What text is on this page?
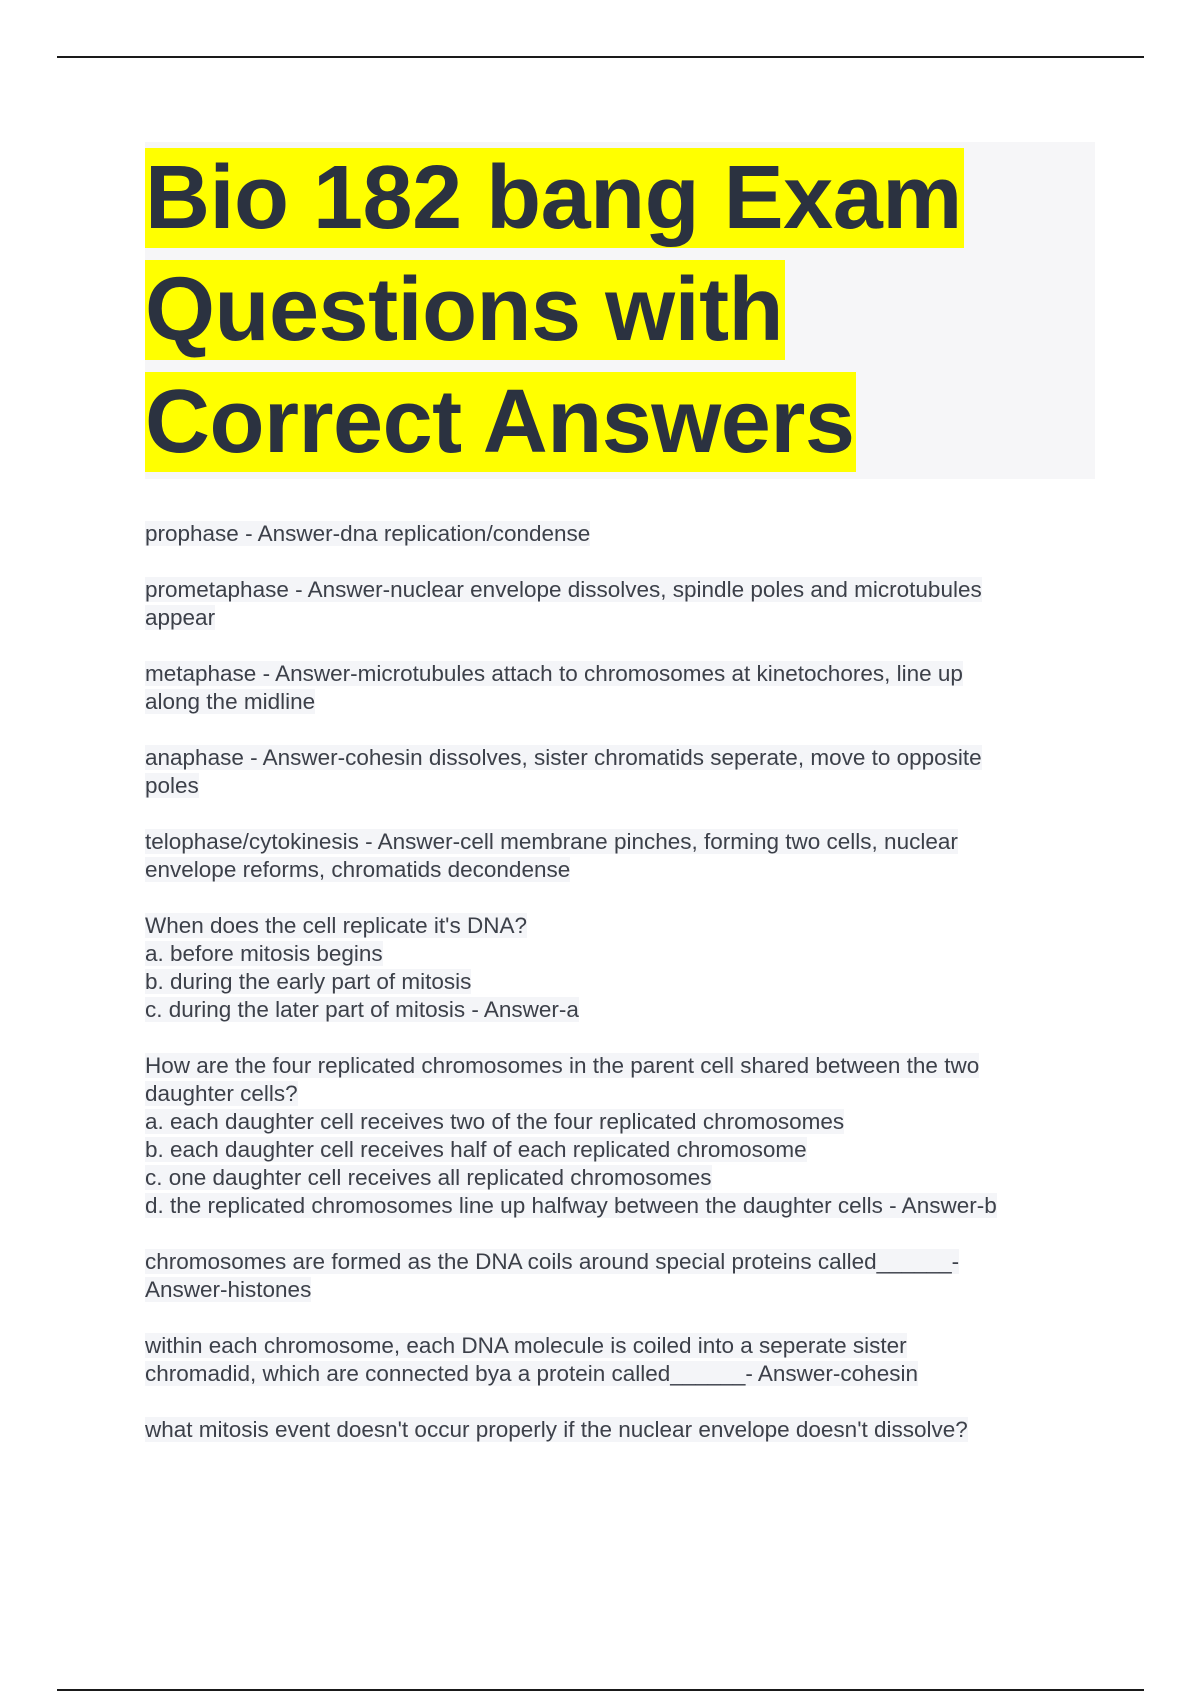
Bio 182 bang Exam
Questions with
Correct Answers
prophase - Answer-dna replication/condense
prometaphase - Answer-nuclear envelope dissolves, spindle poles and microtubules
appear
metaphase - Answer-microtubules attach to chromosomes at kinetochores, line up
along the midline
anaphase - Answer-cohesin dissolves, sister chromatids seperate, move to opposite
poles
telophase/cytokinesis - Answer-cell membrane pinches, forming two cells, nuclear
envelope reforms, chromatids decondense
When does the cell replicate it's DNA?
a. before mitosis begins
b. during the early part of mitosis
c. during the later part of mitosis - Answer-a
How are the four replicated chromosomes in the parent cell shared between the two
daughter cells?
a. each daughter cell receives two of the four replicated chromosomes
b. each daughter cell receives half of each replicated chromosome
c. one daughter cell receives all replicated chromosomes
d. the replicated chromosomes line up halfway between the daughter cells - Answer-b
chromosomes are formed as the DNA coils around special proteins called______-
Answer-histones
within each chromosome, each DNA molecule is coiled into a seperate sister
chromadid, which are connected bya a protein called______- Answer-cohesin
what mitosis event doesn't occur properly if the nuclear envelope doesn't dissolve?
